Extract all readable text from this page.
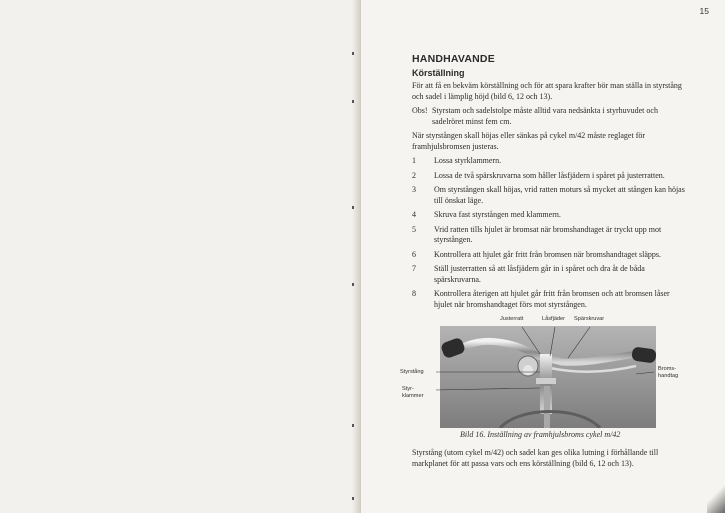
15
HANDHAVANDE
Körställning

För att få en bekväm körställning och för att spara krafter bör man ställa in styrstång och sadel i lämplig höjd (bild 6, 12 och 13).

Obs! Styrstam och sadelstolpe måste alltid vara nedsänkta i styrhuvudet och sadelröret minst fem cm.

När styrstången skall höjas eller sänkas på cykel m/42 måste reglaget för framhjulsbromsen justeras.

1	Lossa styrklammern.
2	Lossa de två spärskruvarna som håller låsfjädern i spåret på justerratten.
3	Om styrstången skall höjas, vrid ratten moturs så mycket att stången kan höjas till önskat läge.
4	Skruva fast styrstången med klammern.
5	Vrid ratten tills hjulet är bromsat när bromshandtaget är tryckt upp mot styrstången.
6	Kontrollera att hjulet går fritt från bromsen när bromshandtaget släpps.
7	Ställ justerratten så att låsfjädern går in i spåret och dra åt de båda spärskruvarna.
8	Kontrollera återigen att hjulet går fritt från bromsen och att bromsen låser hjulet när bromshandtaget förs mot styrstången.
Justerratt	Låsfjäder Spärskruvar
Styrstång
Styr-
klammer
Broms-
handtag
Bild 16. Inställning av framhjulsbroms cykel m/42

Styrstång (utom cykel m/42) och sadel kan ges olika lutning i förhållande till markplanet för att passa vars och ens körställning (bild 6, 12 och 13).
